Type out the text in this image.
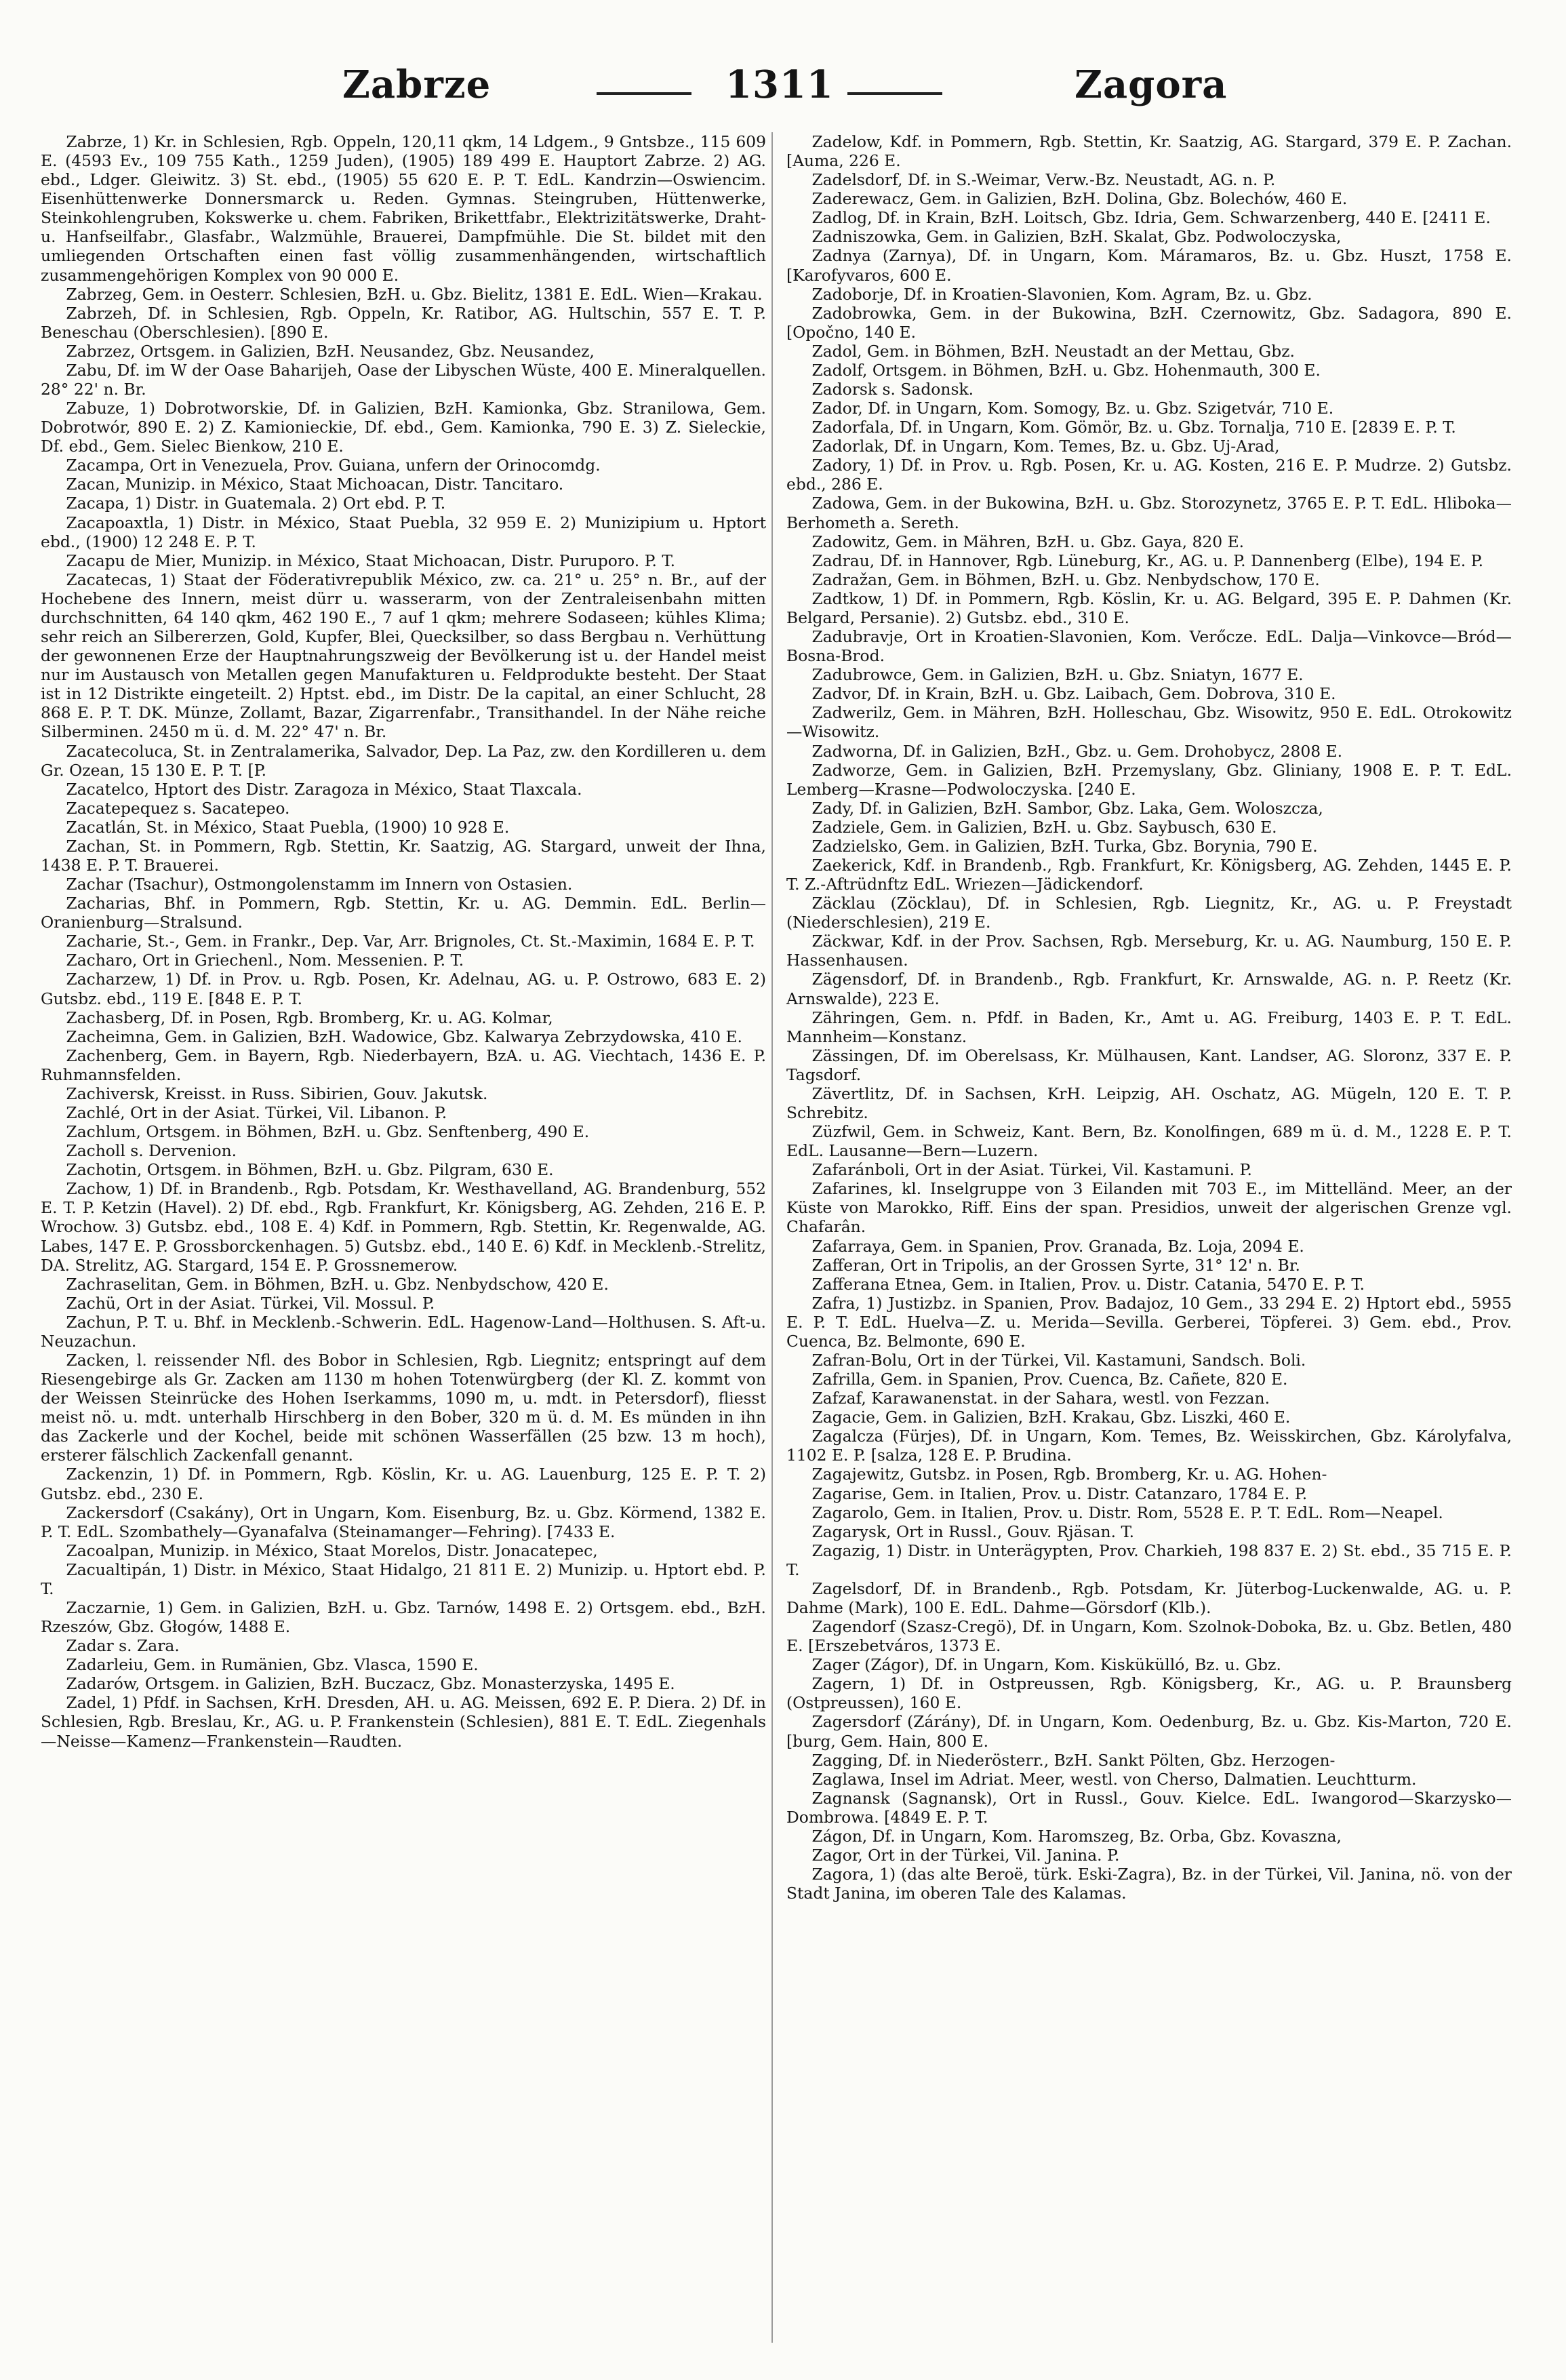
Zabrze	1311	Zagora

Zabrze, 1) Kr. in Schlesien, Rgb. Oppeln, 120,11 qkm, 14 Ldgem., 9 Gntsbze., 115 609 E. (4593 Ev., 109 755 Kath., 1259 Juden), (1905) 189 499 E. Hauptort Zabrze. 2) AG. ebd., Ldger. Gleiwitz. 3) St. ebd., (1905) 55 620 E. P. T. EdL. Kandrzin—Oswiencim. Eisenhüttenwerke Donnersmarck u. Reden. Gymnas. Steingruben, Hüttenwerke, Steinkohlengruben, Kokswerke u. chem. Fabriken, Brikettfabr., Elektrizitätswerke, Draht- u. Hanfseilfabr., Glasfabr., Walzmühle, Brauerei, Dampfmühle. Die St. bildet mit den umliegenden Ortschaften einen fast völlig zusammenhängenden, wirtschaftlich zusammengehörigen Komplex von 90 000 E.

Zabrzeg, Gem. in Oesterr. Schlesien, BzH. u. Gbz. Bielitz, 1381 E. EdL. Wien—Krakau.

Zabrzeh, Df. in Schlesien, Rgb. Oppeln, Kr. Ratibor, AG. Hultschin, 557 E. T. P. Beneschau (Oberschlesien). [890 E.

Zabrzez, Ortsgem. in Galizien, BzH. Neusandez, Gbz. Neusandez,

Zabu, Df. im W der Oase Baharijeh, Oase der Libyschen Wüste, 400 E. Mineralquellen. 28° 22' n. Br.

Zabuze, 1) Dobrotworskie, Df. in Galizien, BzH. Kamionka, Gbz. Stranilowa, Gem. Dobrotwór, 890 E. 2) Z. Kamionieckie, Df. ebd., Gem. Kamionka, 790 E. 3) Z. Sieleckie, Df. ebd., Gem. Sielec Bienkow, 210 E.

Zacampa, Ort in Venezuela, Prov. Guiana, unfern der Orinocomdg.

Zacan, Munizip. in México, Staat Michoacan, Distr. Tancitaro.

Zacapa, 1) Distr. in Guatemala. 2) Ort ebd. P. T.

Zacapoaxtla, 1) Distr. in México, Staat Puebla, 32 959 E. 2) Munizipium u. Hptort ebd., (1900) 12 248 E. P. T.

Zacapu de Mier, Munizip. in México, Staat Michoacan, Distr. Puruporo. P. T.

Zacatecas, 1) Staat der Föderativrepublik México, zw. ca. 21° u. 25° n. Br., auf der Hochebene des Innern, meist dürr u. wasserarm, von der Zentraleisenbahn mitten durchschnitten, 64 140 qkm, 462 190 E., 7 auf 1 qkm; mehrere Sodaseen; kühles Klima; sehr reich an Silbererzen, Gold, Kupfer, Blei, Quecksilber, so dass Bergbau n. Verhüttung der gewonnenen Erze der Hauptnahrungszweig der Bevölkerung ist u. der Handel meist nur im Austausch von Metallen gegen Manufakturen u. Feldprodukte besteht. Der Staat ist in 12 Distrikte eingeteilt. 2) Hptst. ebd., im Distr. De la capital, an einer Schlucht, 28 868 E. P. T. DK. Münze, Zollamt, Bazar, Zigarrenfabr., Transithandel. In der Nähe reiche Silberminen. 2450 m ü. d. M. 22° 47' n. Br.

Zacatecoluca, St. in Zentralamerika, Salvador, Dep. La Paz, zw. den Kordilleren u. dem Gr. Ozean, 15 130 E. P. T. [P.

Zacatelco, Hptort des Distr. Zaragoza in México, Staat Tlaxcala.

Zacatepequez s. Sacatepeo.

Zacatlán, St. in México, Staat Puebla, (1900) 10 928 E.

Zachan, St. in Pommern, Rgb. Stettin, Kr. Saatzig, AG. Stargard, unweit der Ihna, 1438 E. P. T. Brauerei.

Zachar (Tsachur), Ostmongolenstamm im Innern von Ostasien.

Zacharias, Bhf. in Pommern, Rgb. Stettin, Kr. u. AG. Demmin. EdL. Berlin—Oranienburg—Stralsund.

Zacharie, St.-, Gem. in Frankr., Dep. Var, Arr. Brignoles, Ct. St.-Maximin, 1684 E. P. T.

Zacharo, Ort in Griechenl., Nom. Messenien. P. T.

Zacharzew, 1) Df. in Prov. u. Rgb. Posen, Kr. Adelnau, AG. u. P. Ostrowo, 683 E. 2) Gutsbz. ebd., 119 E. [848 E. P. T.

Zachasberg, Df. in Posen, Rgb. Bromberg, Kr. u. AG. Kolmar,

Zacheimna, Gem. in Galizien, BzH. Wadowice, Gbz. Kalwarya Zebrzydowska, 410 E.

Zachenberg, Gem. in Bayern, Rgb. Niederbayern, BzA. u. AG. Viechtach, 1436 E. P. Ruhmannsfelden.

Zachiversk, Kreisst. in Russ. Sibirien, Gouv. Jakutsk.

Zachlé, Ort in der Asiat. Türkei, Vil. Libanon. P.

Zachlum, Ortsgem. in Böhmen, BzH. u. Gbz. Senftenberg, 490 E.

Zacholl s. Dervenion.

Zachotin, Ortsgem. in Böhmen, BzH. u. Gbz. Pilgram, 630 E.

Zachow, 1) Df. in Brandenb., Rgb. Potsdam, Kr. Westhavelland, AG. Brandenburg, 552 E. T. P. Ketzin (Havel). 2) Df. ebd., Rgb. Frankfurt, Kr. Königsberg, AG. Zehden, 216 E. P. Wrochow. 3) Gutsbz. ebd., 108 E. 4) Kdf. in Pommern, Rgb. Stettin, Kr. Regenwalde, AG. Labes, 147 E. P. Grossborckenhagen. 5) Gutsbz. ebd., 140 E. 6) Kdf. in Mecklenb.-Strelitz, DA. Strelitz, AG. Stargard, 154 E. P. Grossnemerow.

Zachraselitan, Gem. in Böhmen, BzH. u. Gbz. Nenbydschow, 420 E.

Zachü, Ort in der Asiat. Türkei, Vil. Mossul. P.

Zachun, P. T. u. Bhf. in Mecklenb.-Schwerin. EdL. Hagenow-Land—Holthusen. S. Aft-u. Neuzachun.

Zacken, l. reissender Nfl. des Bobor in Schlesien, Rgb. Liegnitz; entspringt auf dem Riesengebirge als Gr. Zacken am 1130 m hohen Totenwürgberg (der Kl. Z. kommt von der Weissen Steinrücke des Hohen Iserkamms, 1090 m, u. mdt. in Petersdorf), fliesst meist nö. u. mdt. unterhalb Hirschberg in den Bober, 320 m ü. d. M. Es münden in ihn das Zackerle und der Kochel, beide mit schönen Wasserfällen (25 bzw. 13 m hoch), ersterer fälschlich Zackenfall genannt.

Zackenzin, 1) Df. in Pommern, Rgb. Köslin, Kr. u. AG. Lauenburg, 125 E. P. T. 2) Gutsbz. ebd., 230 E.

Zackersdorf (Csakány), Ort in Ungarn, Kom. Eisenburg, Bz. u. Gbz. Körmend, 1382 E. P. T. EdL. Szombathely—Gyanafalva (Steinamanger—Fehring). [7433 E.

Zacoalpan, Munizip. in México, Staat Morelos, Distr. Jonacatepec,

Zacualtipán, 1) Distr. in México, Staat Hidalgo, 21 811 E. 2) Munizip. u. Hptort ebd. P. T.

Zaczarnie, 1) Gem. in Galizien, BzH. u. Gbz. Tarnów, 1498 E. 2) Ortsgem. ebd., BzH. Rzeszów, Gbz. Głogów, 1488 E.

Zadar s. Zara.

Zadarleiu, Gem. in Rumänien, Gbz. Vlasca, 1590 E.

Zadarów, Ortsgem. in Galizien, BzH. Buczacz, Gbz. Monasterzyska, 1495 E.

Zadel, 1) Pfdf. in Sachsen, KrH. Dresden, AH. u. AG. Meissen, 692 E. P. Diera. 2) Df. in Schlesien, Rgb. Breslau, Kr., AG. u. P. Frankenstein (Schlesien), 881 E. T. EdL. Ziegenhals—Neisse—Kamenz—Frankenstein—Raudten.

Zadelow, Kdf. in Pommern, Rgb. Stettin, Kr. Saatzig, AG. Stargard, 379 E. P. Zachan. [Auma, 226 E.

Zadelsdorf, Df. in S.-Weimar, Verw.-Bz. Neustadt, AG. n. P.

Zaderewacz, Gem. in Galizien, BzH. Dolina, Gbz. Bolechów, 460 E.

Zadlog, Df. in Krain, BzH. Loitsch, Gbz. Idria, Gem. Schwarzenberg, 440 E. [2411 E.

Zadniszowka, Gem. in Galizien, BzH. Skalat, Gbz. Podwoloczyska,

Zadnya (Zarnya), Df. in Ungarn, Kom. Máramaros, Bz. u. Gbz. Huszt, 1758 E. [Karofyvaros, 600 E.

Zadoborje, Df. in Kroatien-Slavonien, Kom. Agram, Bz. u. Gbz.

Zadobrowka, Gem. in der Bukowina, BzH. Czernowitz, Gbz. Sadagora, 890 E. [Opočno, 140 E.

Zadol, Gem. in Böhmen, BzH. Neustadt an der Mettau, Gbz.

Zadolf, Ortsgem. in Böhmen, BzH. u. Gbz. Hohenmauth, 300 E.

Zadorsk s. Sadonsk.

Zador, Df. in Ungarn, Kom. Somogy, Bz. u. Gbz. Szigetvár, 710 E.

Zadorfala, Df. in Ungarn, Kom. Gömör, Bz. u. Gbz. Tornalja, 710 E. [2839 E. P. T.

Zadorlak, Df. in Ungarn, Kom. Temes, Bz. u. Gbz. Uj-Arad,

Zadory, 1) Df. in Prov. u. Rgb. Posen, Kr. u. AG. Kosten, 216 E. P. Mudrze. 2) Gutsbz. ebd., 286 E.

Zadowa, Gem. in der Bukowina, BzH. u. Gbz. Storozynetz, 3765 E. P. T. EdL. Hliboka—Berhometh a. Sereth.

Zadowitz, Gem. in Mähren, BzH. u. Gbz. Gaya, 820 E.

Zadrau, Df. in Hannover, Rgb. Lüneburg, Kr., AG. u. P. Dannenberg (Elbe), 194 E. P.

Zadražan, Gem. in Böhmen, BzH. u. Gbz. Nenbydschow, 170 E.

Zadtkow, 1) Df. in Pommern, Rgb. Köslin, Kr. u. AG. Belgard, 395 E. P. Dahmen (Kr. Belgard, Persanie). 2) Gutsbz. ebd., 310 E.

Zadubravje, Ort in Kroatien-Slavonien, Kom. Verőcze. EdL. Dalja—Vinkovce—Bród—Bosna-Brod.

Zadubrowce, Gem. in Galizien, BzH. u. Gbz. Sniatyn, 1677 E.

Zadvor, Df. in Krain, BzH. u. Gbz. Laibach, Gem. Dobrova, 310 E.

Zadwerilz, Gem. in Mähren, BzH. Holleschau, Gbz. Wisowitz, 950 E. EdL. Otrokowitz—Wisowitz.

Zadworna, Df. in Galizien, BzH., Gbz. u. Gem. Drohobycz, 2808 E.

Zadworze, Gem. in Galizien, BzH. Przemyslany, Gbz. Gliniany, 1908 E. P. T. EdL. Lemberg—Krasne—Podwoloczyska. [240 E.

Zady, Df. in Galizien, BzH. Sambor, Gbz. Laka, Gem. Woloszcza,

Zadziele, Gem. in Galizien, BzH. u. Gbz. Saybusch, 630 E.

Zadzielsko, Gem. in Galizien, BzH. Turka, Gbz. Borynia, 790 E.

Zaekerick, Kdf. in Brandenb., Rgb. Frankfurt, Kr. Königsberg, AG. Zehden, 1445 E. P. T. Z.-Aftrüdnftz EdL. Wriezen—Jädickendorf.

Zäcklau (Zöcklau), Df. in Schlesien, Rgb. Liegnitz, Kr., AG. u. P. Freystadt (Niederschlesien), 219 E.

Zäckwar, Kdf. in der Prov. Sachsen, Rgb. Merseburg, Kr. u. AG. Naumburg, 150 E. P. Hassenhausen.

Zägensdorf, Df. in Brandenb., Rgb. Frankfurt, Kr. Arnswalde, AG. n. P. Reetz (Kr. Arnswalde), 223 E.

Zähringen, Gem. n. Pfdf. in Baden, Kr., Amt u. AG. Freiburg, 1403 E. P. T. EdL. Mannheim—Konstanz.

Zässingen, Df. im Oberelsass, Kr. Mülhausen, Kant. Landser, AG. Sloronz, 337 E. P. Tagsdorf.

Zävertlitz, Df. in Sachsen, KrH. Leipzig, AH. Oschatz, AG. Mügeln, 120 E. T. P. Schrebitz.

Züzfwil, Gem. in Schweiz, Kant. Bern, Bz. Konolfingen, 689 m ü. d. M., 1228 E. P. T. EdL. Lausanne—Bern—Luzern.

Zafaránboli, Ort in der Asiat. Türkei, Vil. Kastamuni. P.

Zafarines, kl. Inselgruppe von 3 Eilanden mit 703 E., im Mittelländ. Meer, an der Küste von Marokko, Riff. Eins der span. Presidios, unweit der algerischen Grenze vgl. Chafarân.

Zafarraya, Gem. in Spanien, Prov. Granada, Bz. Loja, 2094 E.

Zafferan, Ort in Tripolis, an der Grossen Syrte, 31° 12' n. Br.

Zafferana Etnea, Gem. in Italien, Prov. u. Distr. Catania, 5470 E. P. T.

Zafra, 1) Justizbz. in Spanien, Prov. Badajoz, 10 Gem., 33 294 E. 2) Hptort ebd., 5955 E. P. T. EdL. Huelva—Z. u. Merida—Sevilla. Gerberei, Töpferei. 3) Gem. ebd., Prov. Cuenca, Bz. Belmonte, 690 E.

Zafran-Bolu, Ort in der Türkei, Vil. Kastamuni, Sandsch. Boli.

Zafrilla, Gem. in Spanien, Prov. Cuenca, Bz. Cañete, 820 E.

Zafzaf, Karawanenstat. in der Sahara, westl. von Fezzan.

Zagacie, Gem. in Galizien, BzH. Krakau, Gbz. Liszki, 460 E.

Zagalcza (Fürjes), Df. in Ungarn, Kom. Temes, Bz. Weisskirchen, Gbz. Károlyfalva, 1102 E. P. [salza, 128 E. P. Brudina.

Zagajewitz, Gutsbz. in Posen, Rgb. Bromberg, Kr. u. AG. Hohen-

Zagarise, Gem. in Italien, Prov. u. Distr. Catanzaro, 1784 E. P.

Zagarolo, Gem. in Italien, Prov. u. Distr. Rom, 5528 E. P. T. EdL. Rom—Neapel.

Zagarysk, Ort in Russl., Gouv. Rjäsan. T.

Zagazig, 1) Distr. in Unterägypten, Prov. Charkieh, 198 837 E. 2) St. ebd., 35 715 E. P. T.

Zagelsdorf, Df. in Brandenb., Rgb. Potsdam, Kr. Jüterbog-Luckenwalde, AG. u. P. Dahme (Mark), 100 E. EdL. Dahme—Görsdorf (Klb.).

Zagendorf (Szasz-Cregö), Df. in Ungarn, Kom. Szolnok-Doboka, Bz. u. Gbz. Betlen, 480 E. [Erszebetváros, 1373 E.

Zager (Zágor), Df. in Ungarn, Kom. Kiskükülló, Bz. u. Gbz.

Zagern, 1) Df. in Ostpreussen, Rgb. Königsberg, Kr., AG. u. P. Braunsberg (Ostpreussen), 160 E.

Zagersdorf (Zárány), Df. in Ungarn, Kom. Oedenburg, Bz. u. Gbz. Kis-Marton, 720 E. [burg, Gem. Hain, 800 E.

Zagging, Df. in Niederösterr., BzH. Sankt Pölten, Gbz. Herzogen-

Zaglawa, Insel im Adriat. Meer, westl. von Cherso, Dalmatien. Leuchtturm.

Zagnansk (Sagnansk), Ort in Russl., Gouv. Kielce. EdL. Iwangorod—Skarzysko—Dombrowa. [4849 E. P. T.

Zágon, Df. in Ungarn, Kom. Haromszeg, Bz. Orba, Gbz. Kovaszna,

Zagor, Ort in der Türkei, Vil. Janina. P.

Zagora, 1) (das alte Beroë, türk. Eski-Zagra), Bz. in der Türkei, Vil. Janina, nö. von der Stadt Janina, im oberen Tale des Kalamas.
